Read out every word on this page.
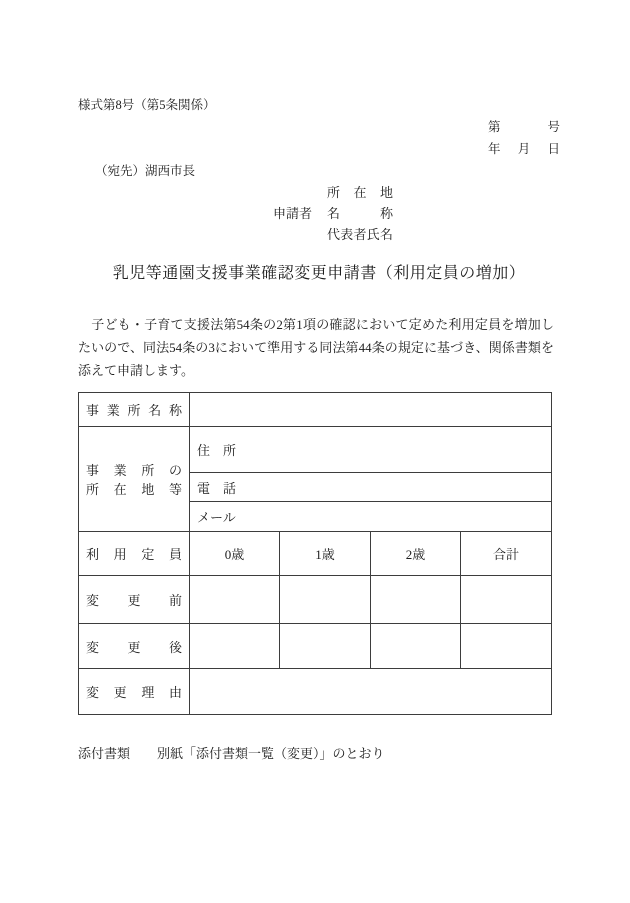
様式第8号（第5条関係）
第	号
年 月 日
（宛先）湖西市長
所在地
申請者	名称
代表者氏名
乳児等通園支援事業確認変更申請書（利用定員の増加）

　子ども・子育て支援法第54条の2第1項の確認において定めた利用定員を増加したいので、同法54条の3において準用する同法第44条の規定に基づき、関係書類を添えて申請します。

事業所名称				

事業所の
所在地等	住　所			
	電　話			
	メール			
利用定員	0歳	1歳	2歳	合計
変更前				
変更後				
変更理由				
添付書類 別紙「添付書類一覧（変更）」のとおり
